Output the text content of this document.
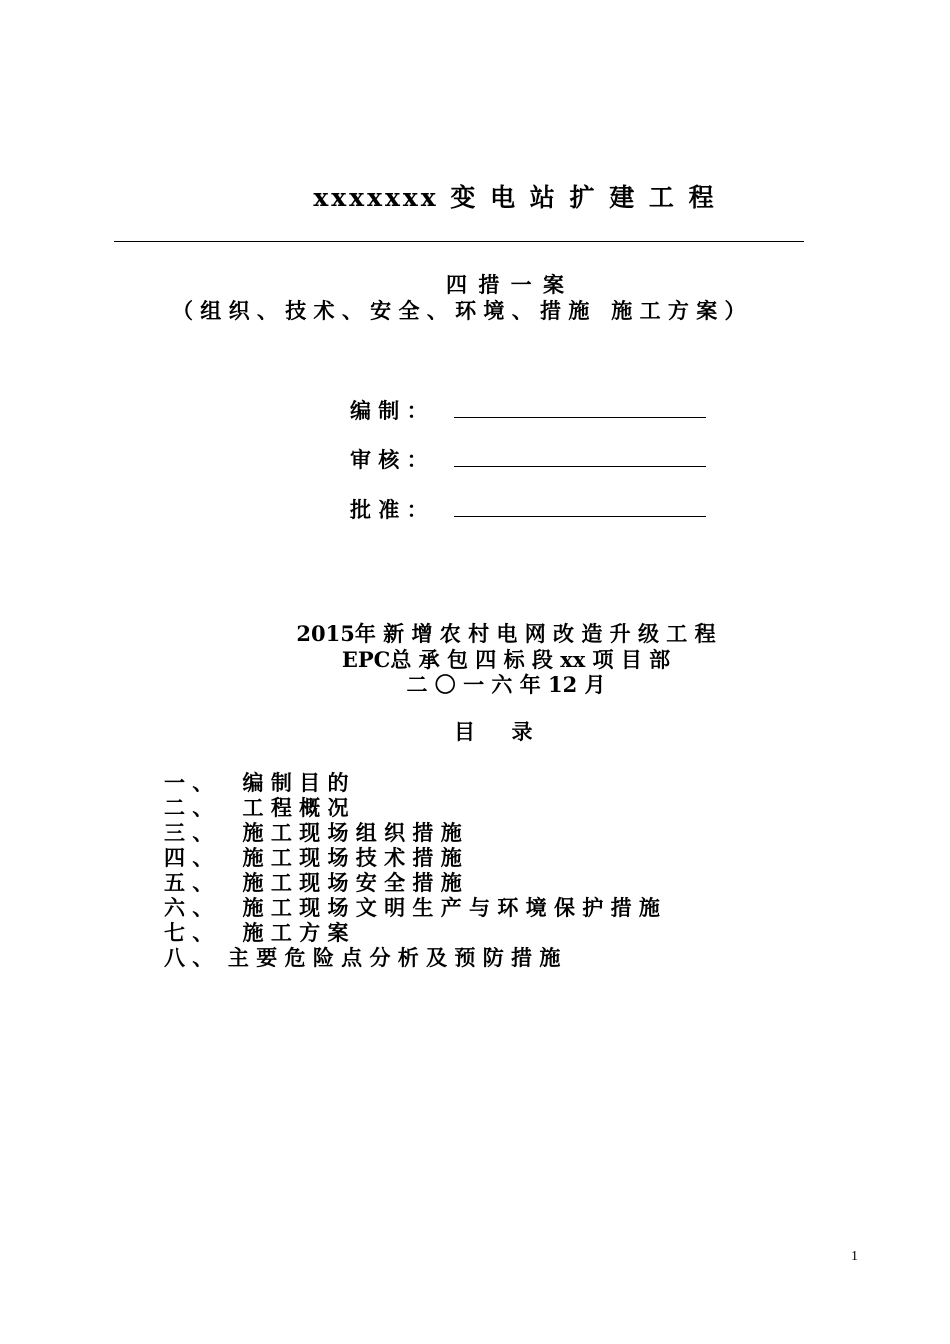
xxxxxxx 变 电 站 扩 建 工 程
四 措 一 案
（ 组 织 、 技 术 、 安 全 、 环 境 、 措 施   施 工 方 案 ）
编 制 ：
审 核 ：
批 准 ：
2015年 新 增 农 村 电 网 改 造 升 级 工 程
EPC总 承 包 四 标 段 xx 项 目 部
二 〇 一 六 年 12 月
目     录
一 、    编 制 目 的
二 、    工 程 概 况
三 、    施 工 现 场 组 织 措 施
四 、    施 工 现 场 技 术 措 施
五 、    施 工 现 场 安 全 措 施
六 、    施 工 现 场 文 明 生 产 与 环 境 保 护 措 施
七 、    施 工 方 案
八 、  主 要 危 险 点 分 析 及 预 防 措 施
1
